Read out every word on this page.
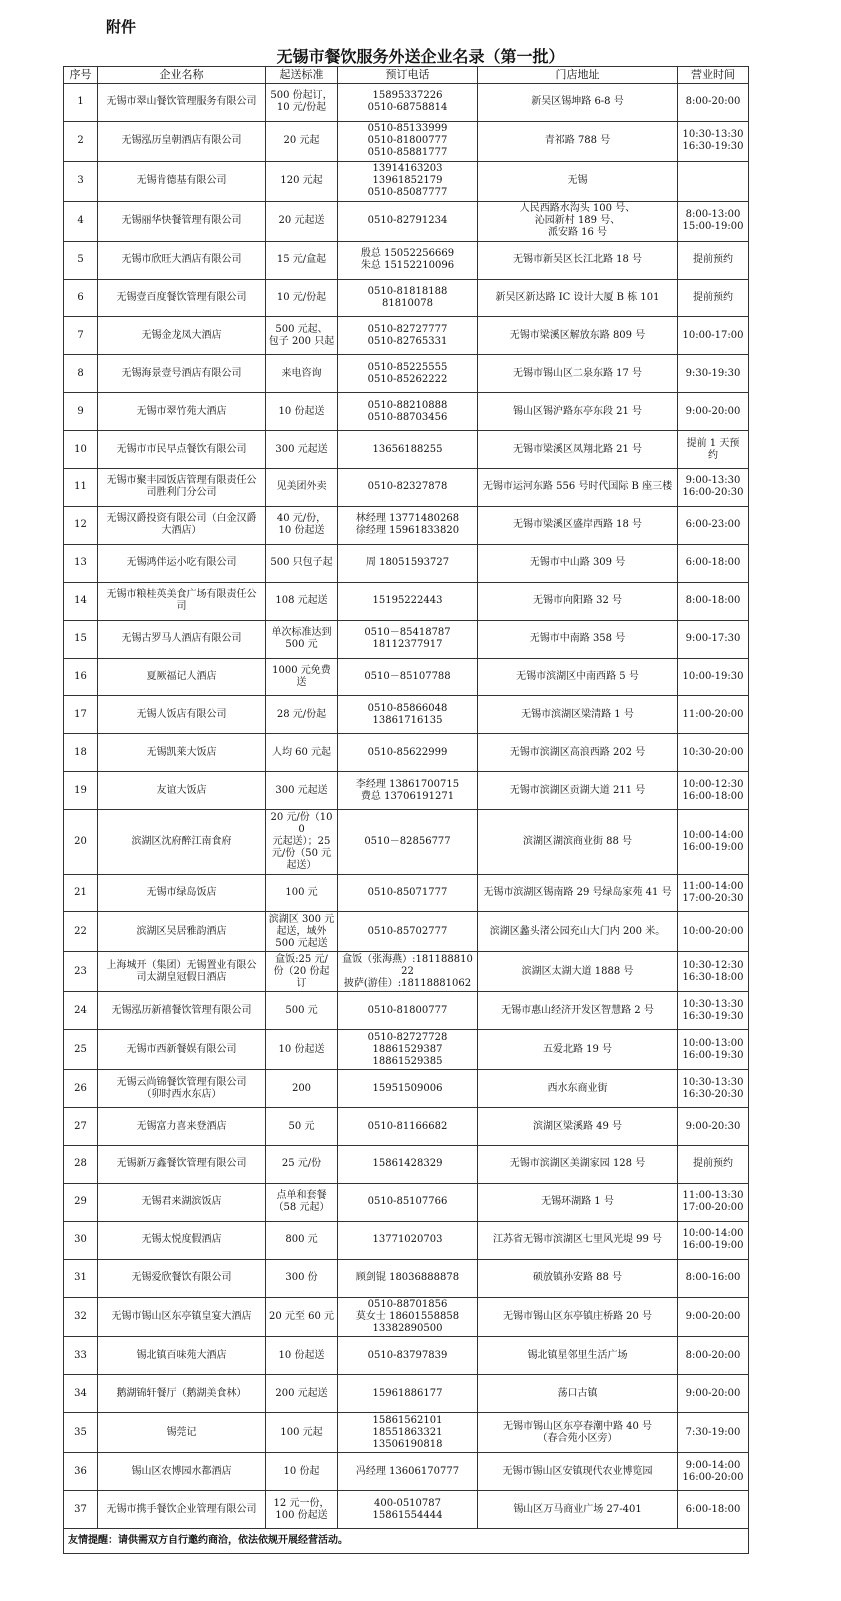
附件
无锡市餐饮服务外送企业名录（第一批）
序号	企业名称	起送标准	预订电话	门店地址	营业时间
1	无锡市翠山餐饮管理服务有限公司	500 份起订，
10 元/份起	15895337226
0510-68758814	新吴区锡坤路 6-8 号	8:00-20:00

2	无锡泓历皇朝酒店有限公司	20 元起	0510-85133999
0510-81800777
0510-85881777	青祁路 788 号	10:30-13:30
16:30-19:30

3	无锡肯德基有限公司	120 元起	13914163203
13961852179
0510-85087777	无锡	

4	无锡丽华快餐管理有限公司	20 元起送	0510-82791234	人民西路水沟头 100 号、
沁园新村 189 号、
派安路 16 号	8:00-13:00
15:00-19:00

5	无锡市欣旺大酒店有限公司	15 元/盒起	殷总 15052256669
朱总 15152210096	无锡市新吴区长江北路 18 号	提前预约

6	无锡壹百度餐饮管理有限公司	10 元/份起	0510-81818188
81810078	新吴区新达路 IC 设计大厦 B 栋 101	提前预约

7	无锡金龙凤大酒店	500 元起、
包子 200 只起	0510-82727777
0510-82765331	无锡市梁溪区解放东路 809 号	10:00-17:00

8	无锡海景壹号酒店有限公司	来电咨询	0510-85225555
0510-85262222	无锡市锡山区二泉东路 17 号	9:30-19:30

9	无锡市翠竹苑大酒店	10 份起送	0510-88210888
0510-88703456	锡山区锡沪路东亭东段 21 号	9:00-20:00

10	无锡市市民早点餐饮有限公司	300 元起送	13656188255	无锡市梁溪区凤翔北路 21 号	提前 1 天预
约

11	无锡市聚丰园饭店管理有限责任公
司胜利门分公司	见美团外卖	0510-82327878	无锡市运河东路 556 号时代国际 B 座三楼	9:00-13:30
16:00-20:30

12	无锡汉爵投资有限公司（白金汉爵
大酒店）	40 元/份，
10 份起送	林经理 13771480268
徐经理 15961833820	无锡市梁溪区盛岸西路 18 号	6:00-23:00

13	无锡鸿伴运小吃有限公司	500 只包子起	周 18051593727	无锡市中山路 309 号	6:00-18:00

14	无锡市粮桂英美食广场有限责任公
司	108 元起送	15195222443	无锡市向阳路 32 号	8:00-18:00

15	无锡古罗马人酒店有限公司	单次标准达到
500 元	0510－85418787
18112377917	无锡市中南路 358 号	9:00-17:30

16	夏厥福记人酒店	1000 元免费
送	0510－85107788	无锡市滨湖区中南西路 5 号	10:00-19:30

17	无锡人饭店有限公司	28 元/份起	0510-85866048
13861716135	无锡市滨湖区梁清路 1 号	11:00-20:00

18	无锡凯莱大饭店	人均 60 元起	0510-85622999	无锡市滨湖区高浪西路 202 号	10:30-20:00

19	友谊大饭店	300 元起送	李经理 13861700715
费总 13706191271	无锡市滨湖区贡湖大道 211 号	10:00-12:30
16:00-18:00

20	滨湖区沈府醉江南食府	20 元/份（100
元起送）；25
元/份（50 元
起送）	0510－82856777	滨湖区湖滨商业街 88 号	10:00-14:00
16:00-19:00

21	无锡市绿岛饭店	100 元	0510-85071777	无锡市滨湖区锡南路 29 号绿岛家苑 41 号	11:00-14:00
17:00-20:30

22	滨湖区吴居雅韵酒店	滨湖区 300 元
起送，域外
500 元起送	0510-85702777	滨湖区蠡头渚公园充山大门内 200 米。	10:00-20:00

23	上海城开（集团）无锡置业有限公
司太湖皇冠假日酒店	盒饭:25 元/
份（20 份起
订	盒饭（张海燕）:18118881022
披萨(游佳）:18118881062	滨湖区太湖大道 1888 号	10:30-12:30
16:30-18:00

24	无锡泓历新禧餐饮管理有限公司	500 元	0510-81800777	无锡市惠山经济开发区智慧路 2 号	10:30-13:30
16:30-19:30

25	无锡市西新餐娱有限公司	10 份起送	0510-82727728
18861529387
18861529385	五爱北路 19 号	10:00-13:00
16:00-19:30

26	无锡云尚锦餐饮管理有限公司
（卯时西水东店）	200	15951509006	西水东商业街	10:30-13:30
16:30-20:30

27	无锡富力喜来登酒店	50 元	0510-81166682	滨湖区梁溪路 49 号	9:00-20:30

28	无锡新万鑫餐饮管理有限公司	25 元/份	15861428329	无锡市滨湖区美湖家园 128 号	提前预约

29	无锡君来湖滨饭店	点单和套餐
（58 元起）	0510-85107766	无锡环湖路 1 号	11:00-13:30
17:00-20:00

30	无锡太悦度假酒店	800 元	13771020703	江苏省无锡市滨湖区七里风光堤 99 号	10:00-14:00
16:00-19:00

31	无锡爱欣餐饮有限公司	300 份	顾剑锟 18036888878	硕放镇孙安路 88 号	8:00-16:00

32	无锡市锡山区东亭镇皇宴大酒店	20 元至 60 元	0510-88701856
莫女士 18601558858
13382890500	无锡市锡山区东亭镇庄桥路 20 号	9:00-20:00

33	锡北镇百味苑大酒店	10 份起送	0510-83797839	锡北镇星邻里生活广场	8:00-20:00

34	鹅湖锦轩餐厅（鹅湖美食林）	200 元起送	15961886177	荡口古镇	9:00-20:00

35	锡莞记	100 元起	15861562101
18551863321
13506190818	无锡市锡山区东亭春潮中路 40 号
（春合苑小区旁）	7:30-19:00

36	锡山区农博园水都酒店	10 份起	冯经理 13606170777	无锡市锡山区安镇现代农业博览园	9:00-14:00
16:00-20:00

37	无锡市携手餐饮企业管理有限公司	12 元一份，
100 份起送	400-0510787
15861554444	锡山区万马商业广场 27-401	6:00-18:00

友情提醒：请供需双方自行邀约商洽，依法依规开展经营活动。					
